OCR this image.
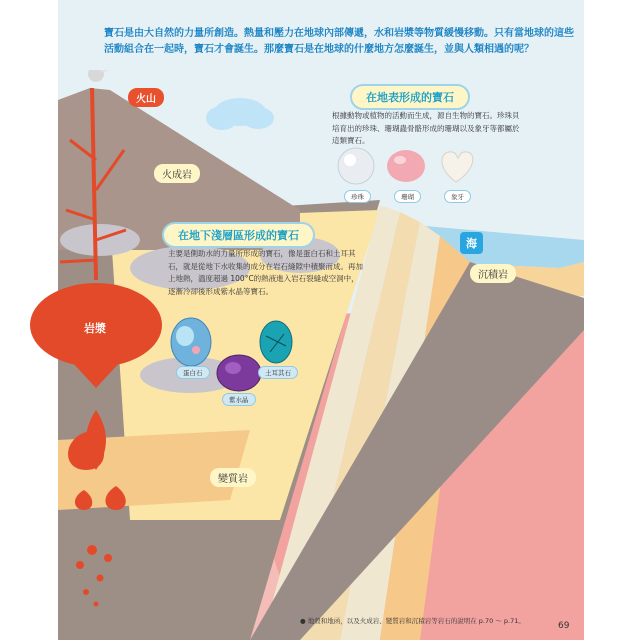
寶石是由大自然的力量所創造。熱量和壓力在地球內部傳遞，水和岩漿等物質緩慢移動。只有當地球的這些活動組合在一起時，寶石才會誕生。那麼寶石是在地球的什麼地方怎麼誕生，並與人類相遇的呢？
火山
火成岩
岩漿
海
沉積岩
變質岩
在地表形成的寶石
根據動物或植物的活動而生成，源自生物的寶石。珍珠貝培育出的珍珠、珊瑚蟲骨骼形成的珊瑚以及象牙等都屬於這類寶石。
珍珠	珊瑚	象牙
在地下淺層區形成的寶石
主要是側助水的力量所形成的寶石，像是蛋白石和土耳其石，就是從地下水收集的成分在岩石縫隙中積聚而成。再加上地熱，溫度超過 100°C的熱液進入岩石裂縫或空洞中，逐漸冷卻後形成紫水晶等寶石。
蛋白石
紫水晶
土耳其石
● 地殼和地函，以及火成岩、變質岩和沉積岩等岩石的說明在 p.70 ～ p.71。	69
